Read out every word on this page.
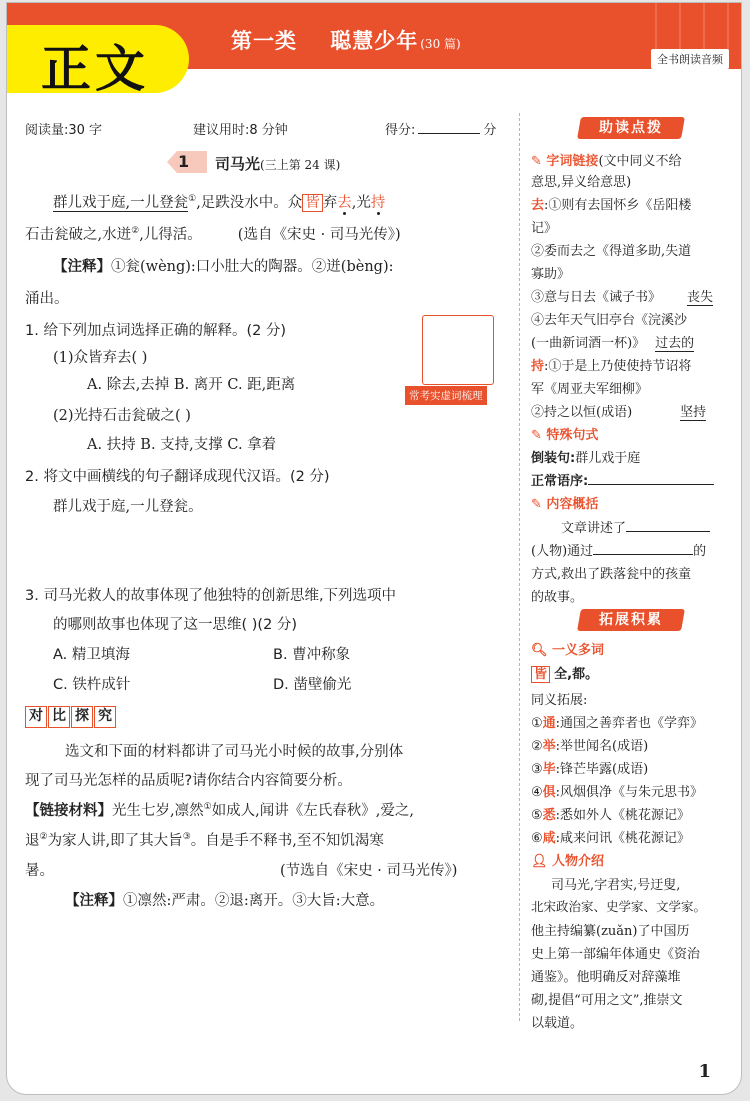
正文	第一类 聪慧少年 (30 篇)
全书朗读音频
阅读量:30 字	建议用时:8 分钟	得分:	分
1 司马光(三上第 24 课)
群儿戏于庭,一儿登瓮①,足跌没水中。众 皆 弃去,光持
石击瓮破之,水迸②,儿得活。 (选自《宋史 · 司马光传》)
【注释】①瓮(wèng):口小肚大的陶器。②迸(bèng):
涌出。
1. 给下列加点词选择正确的解释。(2 分)
(1)众皆弃去( )
A. 除去,去掉 B. 离开 C. 距,距离
(2)光持石击瓮破之( )
A. 扶持 B. 支持,支撑 C. 拿着
常考实虚词梳理
2. 将文中画横线的句子翻译成现代汉语。(2 分)
群儿戏于庭,一儿登瓮。
3. 司马光救人的故事体现了他独特的创新思维,下列选项中
的哪则故事也体现了这一思维( )(2 分)
A. 精卫填海	B. 曹冲称象
C. 铁杵成针	D. 凿壁偷光
对 比 探 究
选文和下面的材料都讲了司马光小时候的故事,分别体
现了司马光怎样的品质呢?请你结合内容简要分析。
【链接材料】光生七岁,凛然①如成人,闻讲《左氏春秋》,爱之,
退②为家人讲,即了其大旨③。自是手不释书,至不知饥渴寒
暑。	(节选自《宋史 · 司马光传》)
【注释】①凛然:严肃。②退:离开。③大旨:大意。
助读点拨
✎ 字词链接(文中同义不给
意思,异义给意思)
去:①则有去国怀乡《岳阳楼
记》
②委而去之《得道多助,失道
寡助》
③意与日去《诫子书》 丧失
④去年天气旧亭台《浣溪沙
(一曲新词酒一杯)》 过去的
持:①于是上乃使使持节诏将
军《周亚夫军细柳》
②持之以恒(成语)	坚持
✎ 特殊句式
倒装句:群儿戏于庭
正常语序:
✎ 内容概括
文章讲述了
(人物)通过	的
方式,救出了跌落瓮中的孩童
的故事。
拓展积累
🔍︎ 一义多词
皆 全,都。
同义拓展:
①通:通国之善弈者也《学弈》
②举:举世闻名(成语)
③毕:锋芒毕露(成语)
④俱:风烟俱净《与朱元思书》
⑤悉:悉如外人《桃花源记》
⑥咸:咸来问讯《桃花源记》
👤︎ 人物介绍
司马光,字君实,号迂叟,
北宋政治家、史学家、文学家。
他主持编纂(zuǎn)了中国历
史上第一部编年体通史《资治
通鉴》。他明确反对辞藻堆
砌,提倡“可用之文”,推崇文
以载道。
1
